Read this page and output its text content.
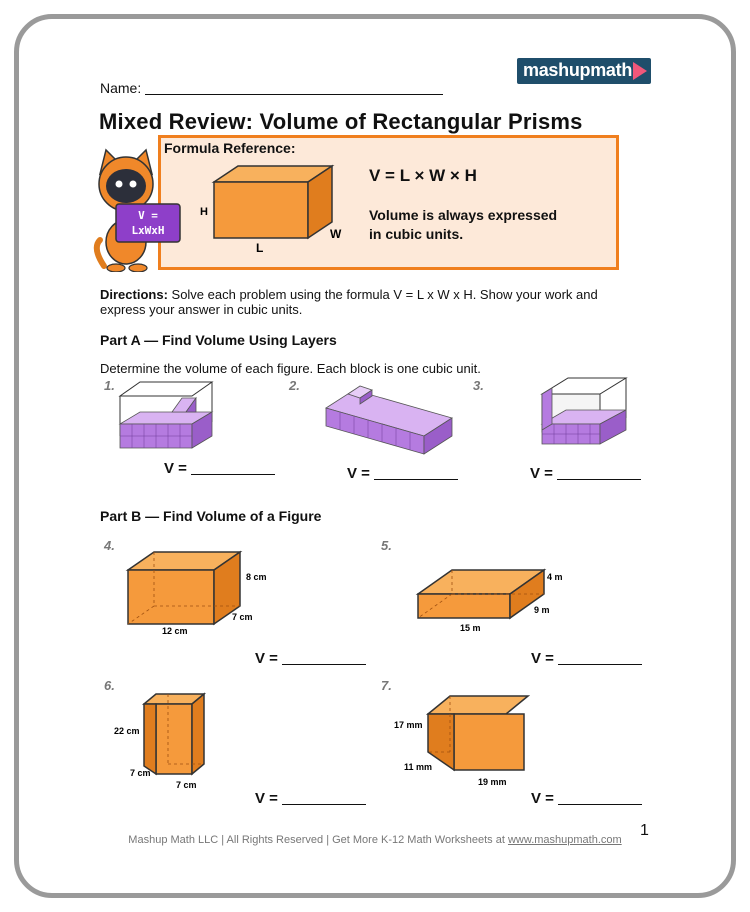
Name:
mashupmath
Mixed Review: Volume of Rectangular Prisms
Formula Reference:
H
L
W
V = L × W × H
Volume is always expressed in cubic units.
V =
LxWxH
Directions: Solve each problem using the formula V = L x W x H. Show your work and express your answer in cubic units.
Part A — Find Volume Using Layers
Determine the volume of each figure. Each block is one cubic unit.
1.	2.	3.
V =	V =	V =
Part B — Find Volume of a Figure
4.	5.
6.	7.
8 cm
7 cm
12 cm
4 m
9 m
15 m
22 cm
7 cm
7 cm
17 mm
11 mm
19 mm
V =	V =
V =	V =
1
Mashup Math LLC | All Rights Reserved | Get More K-12 Math Worksheets at www.mashupmath.com
